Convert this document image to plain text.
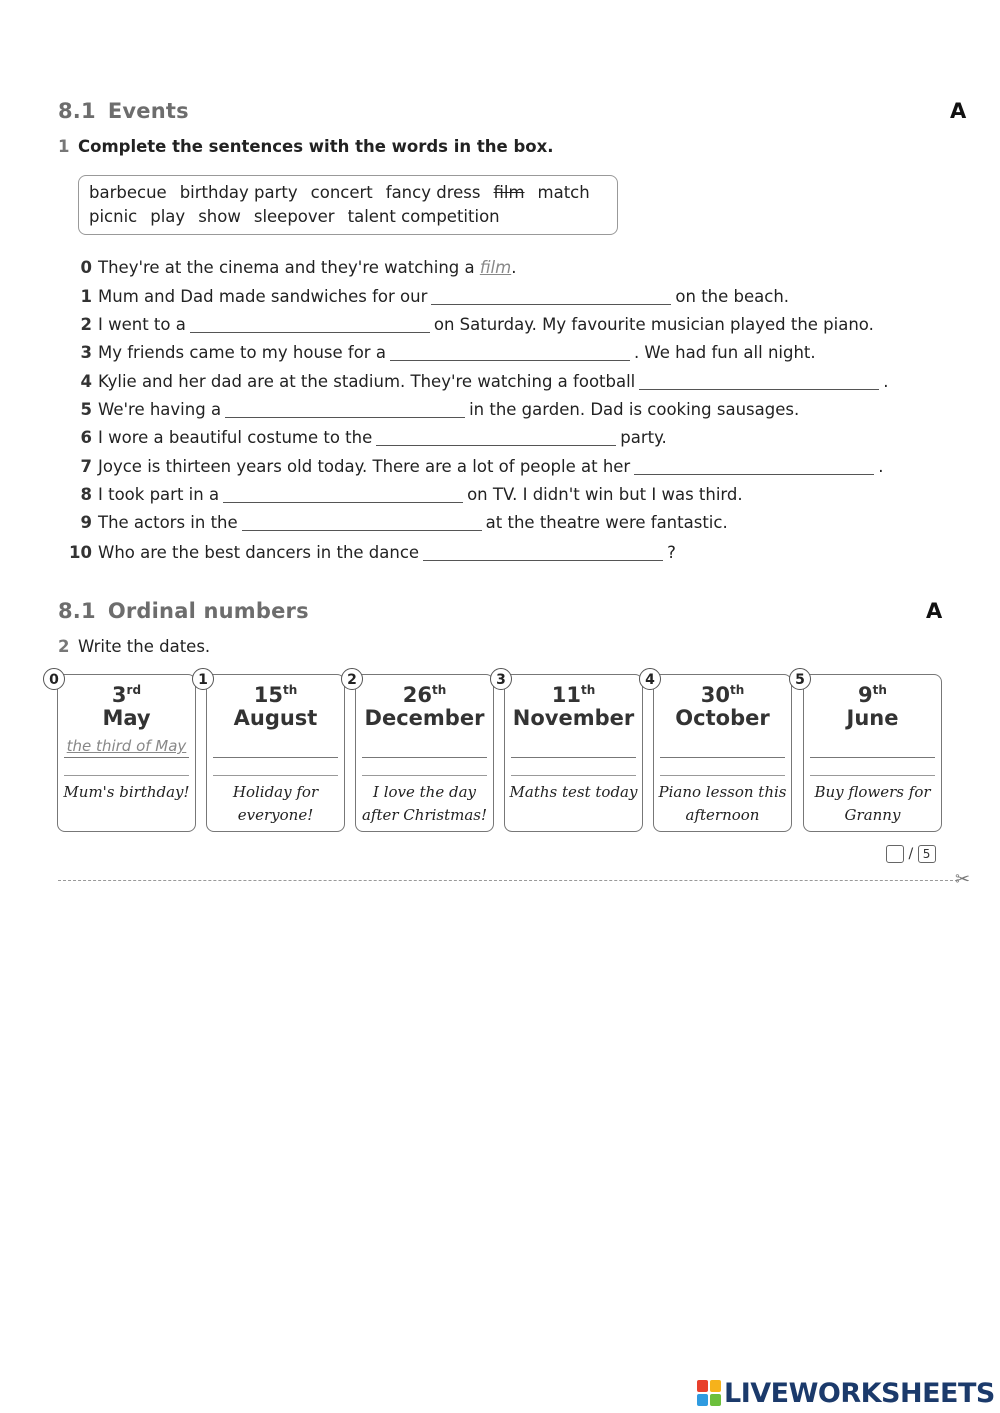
8.1 Events	A
1 Complete the sentences with the words in the box.
barbecue birthday party concert fancy dress film match
picnic play show sleepover talent competition
0 They're at the cinema and they're watching a film.
1 Mum and Dad made sandwiches for our	on the beach.
2 I went to a	on Saturday. My favourite musician played the piano.
3 My friends came to my house for a	. We had fun all night.
4 Kylie and her dad are at the stadium. They're watching a football	.
5 We're having a	in the garden. Dad is cooking sausages.
6 I wore a beautiful costume to the	party.
7 Joyce is thirteen years old today. There are a lot of people at her	.
8 I took part in a	on TV. I didn't win but I was third.
9 The actors in the	at the theatre were fantastic.
10 Who are the best dancers in the dance	?
8.1 Ordinal numbers	A
2 Write the dates.
3rd
May
the third of May
Mum's birthday!
0
15th
August
Holiday for
everyone!
1
26th
December
I love the day
after Christmas!
2
11th
November
Maths test today
3
30th
October
Piano lesson this
afternoon
4
9th
June
Buy flowers for
Granny
5
/ 5
✂
LIVEWORKSHEETS
